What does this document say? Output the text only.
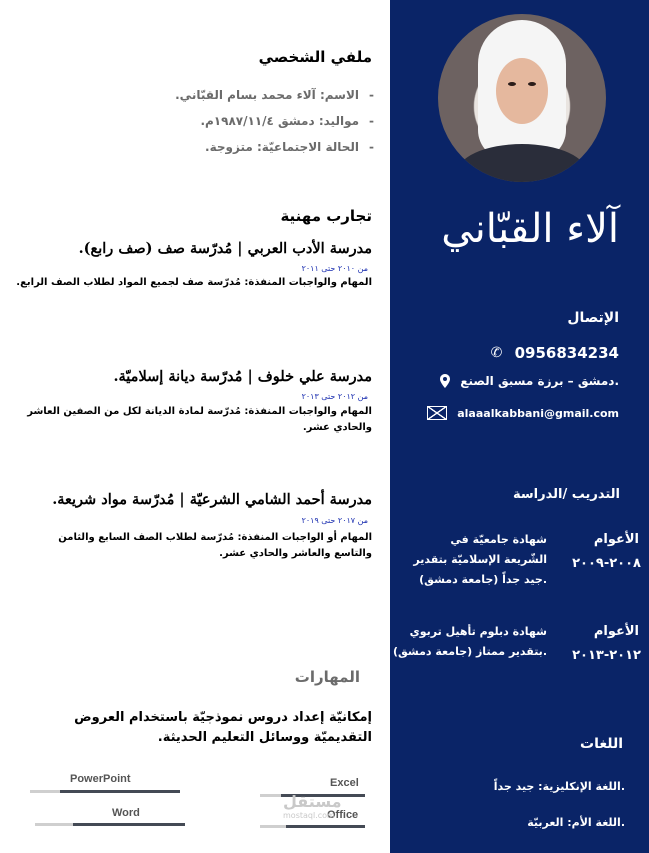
آلاء القبّاني
الإتصال
✆ 0956834234
دمشق – برزة مسبق الصنع.
alaaalkabbani@gmail.com
التدريب /الدراسة
الأعوام
٢٠٠٨-٢٠٠٩
شهادة جامعيّة في الشّريعة الإسلاميّة بتقدير جيد جداً (جامعة دمشق).
الأعوام
٢٠١٢-٢٠١٣
شهادة دبلوم تأهيل تربوي بتقدير ممتاز (جامعة دمشق).
اللغات
اللغة الإنكليزية: جيد جداً.
اللغة الأم: العربيّة.
ملفي الشخصي
-
الاسم: آلاء محمد بسام القبّاني.
-
مواليد: دمشق ١٩٨٧/١١/٤م.
-
الحالة الاجتماعيّة: متزوجة.
تجارب مهنية
مدرسة الأدب العربي | مُدرّسة صف (صف رابع).
من ٢٠١٠ حتى ٢٠١١
المهام والواجبات المنفذة: مُدرّسة صف لجميع المواد لطلاب الصف الرابع.
مدرسة علي خلوف | مُدرّسة ديانة إسلاميّة.
من ٢٠١٢ حتى ٢٠١٣
المهام والواجبات المنفذة: مُدرّسة لمادة الديانة لكل من الصفين العاشر والحادي عشر.
مدرسة أحمد الشامي الشرعيّة | مُدرّسة مواد شريعة.
من ٢٠١٧ حتى ٢٠١٩
المهام أو الواجبات المنفذة: مُدرّسة لطلاب الصف السابع والثامن والتاسع والعاشر والحادي عشر.
المهارات
إمكانيّة إعداد دروس نموذجيّة باستخدام العروض التقديميّة ووسائل التعليم الحديثة.
PowerPoint	Excel
Word	Office
مستقل
mostaql.com
